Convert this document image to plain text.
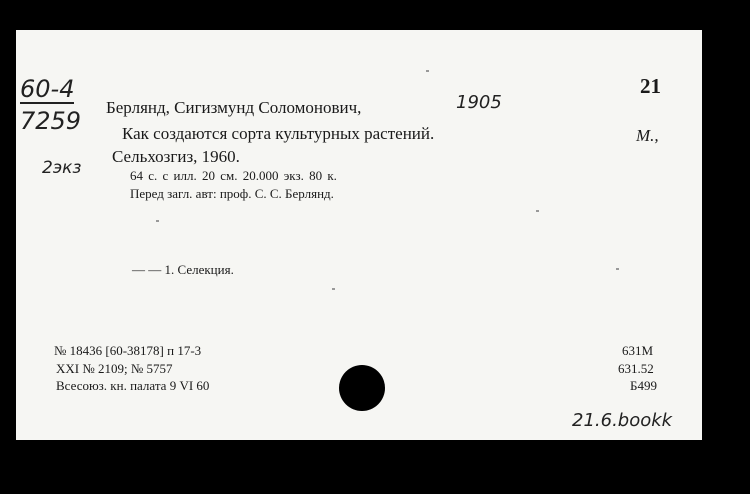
60-4
7259
2экз
21
Берлянд, Сигизмунд Соломонович,	1905
Как создаются сорта культурных растений.	М.,
Сельхозгиз, 1960.
64 с. с илл. 20 см. 20.000 экз. 80 к.
Перед загл. авт: проф. С. С. Берлянд.
— — 1. Селекция.
№ 18436 [60-38178] п 17-3
XXI № 2109; № 5757
Всесоюз. кн. палата 9 VI 60
631М
631.52
Б499
21.6.bookk
